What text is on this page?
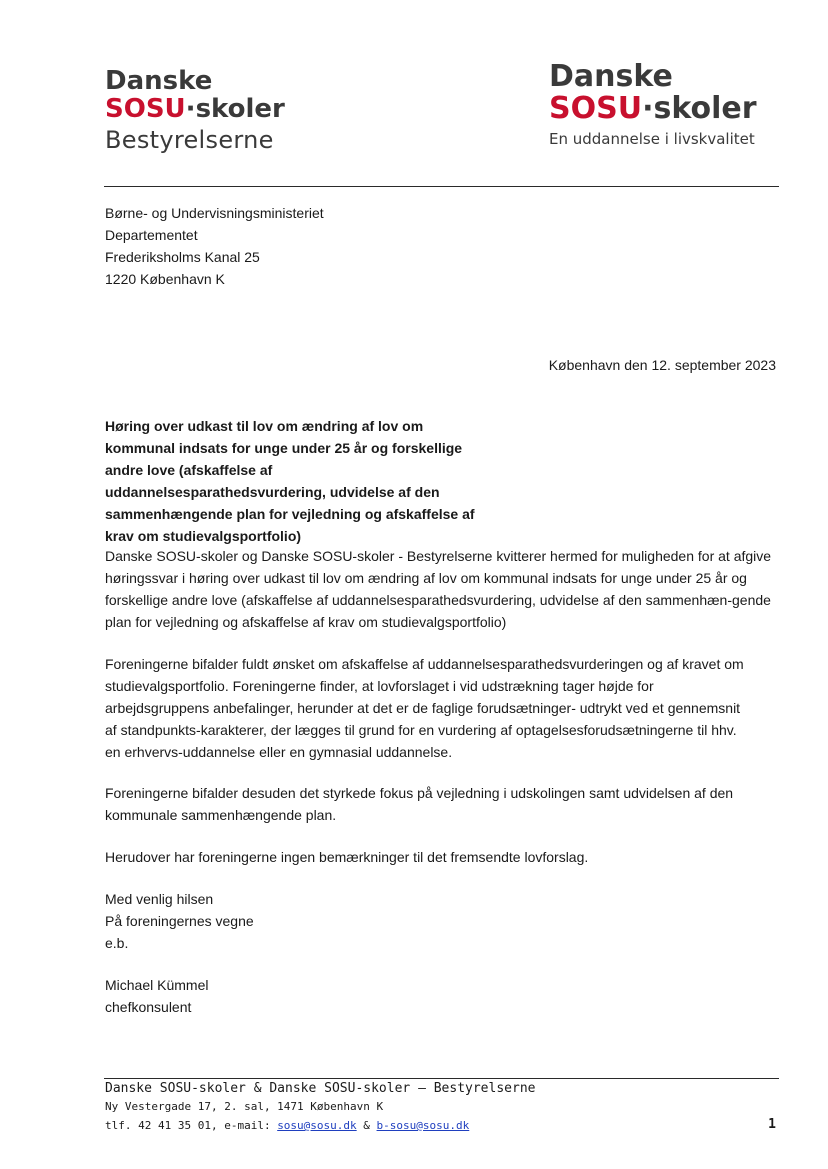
Danske
SOSU·skoler
Bestyrelserne
Danske
SOSU·skoler
En uddannelse i livskvalitet
Børne- og Undervisningsministeriet
Departementet
Frederiksholms Kanal 25
1220 København K
København den 12. september 2023
Høring over udkast til lov om ændring af lov om kommunal indsats for unge under 25 år og forskellige andre love (afskaffelse af uddannelsesparathedsvurdering, udvidelse af den sammenhængende plan for vejledning og afskaffelse af krav om studievalgsportfolio)
Danske SOSU-skoler og Danske SOSU-skoler - Bestyrelserne kvitterer hermed for muligheden for at afgive høringssvar i høring over udkast til lov om ændring af lov om kommunal indsats for unge under 25 år og forskellige andre love (afskaffelse af uddannelsesparathedsvurdering, udvidelse af den sammenhæn-gende plan for vejledning og afskaffelse af krav om studievalgsportfolio)
Foreningerne bifalder fuldt ønsket om afskaffelse af uddannelsesparathedsvurderingen og af kravet om studievalgsportfolio. Foreningerne finder, at lovforslaget i vid udstrækning tager højde for arbejdsgruppens anbefalinger, herunder at det er de faglige forudsætninger- udtrykt ved et gennemsnit af standpunkts-karakterer, der lægges til grund for en vurdering af optagelsesforudsætningerne til hhv. en erhvervs-uddannelse eller en gymnasial uddannelse.
Foreningerne bifalder desuden det styrkede fokus på vejledning i udskolingen samt udvidelsen af den kommunale sammenhængende plan.
Herudover har foreningerne ingen bemærkninger til det fremsendte lovforslag.
Med venlig hilsen
På foreningernes vegne
e.b.
Michael Kümmel
chefkonsulent
Danske SOSU-skoler & Danske SOSU-skoler – Bestyrelserne
Ny Vestergade 17, 2. sal, 1471 København K
tlf. 42 41 35 01, e-mail: sosu@sosu.dk & b-sosu@sosu.dk	1
